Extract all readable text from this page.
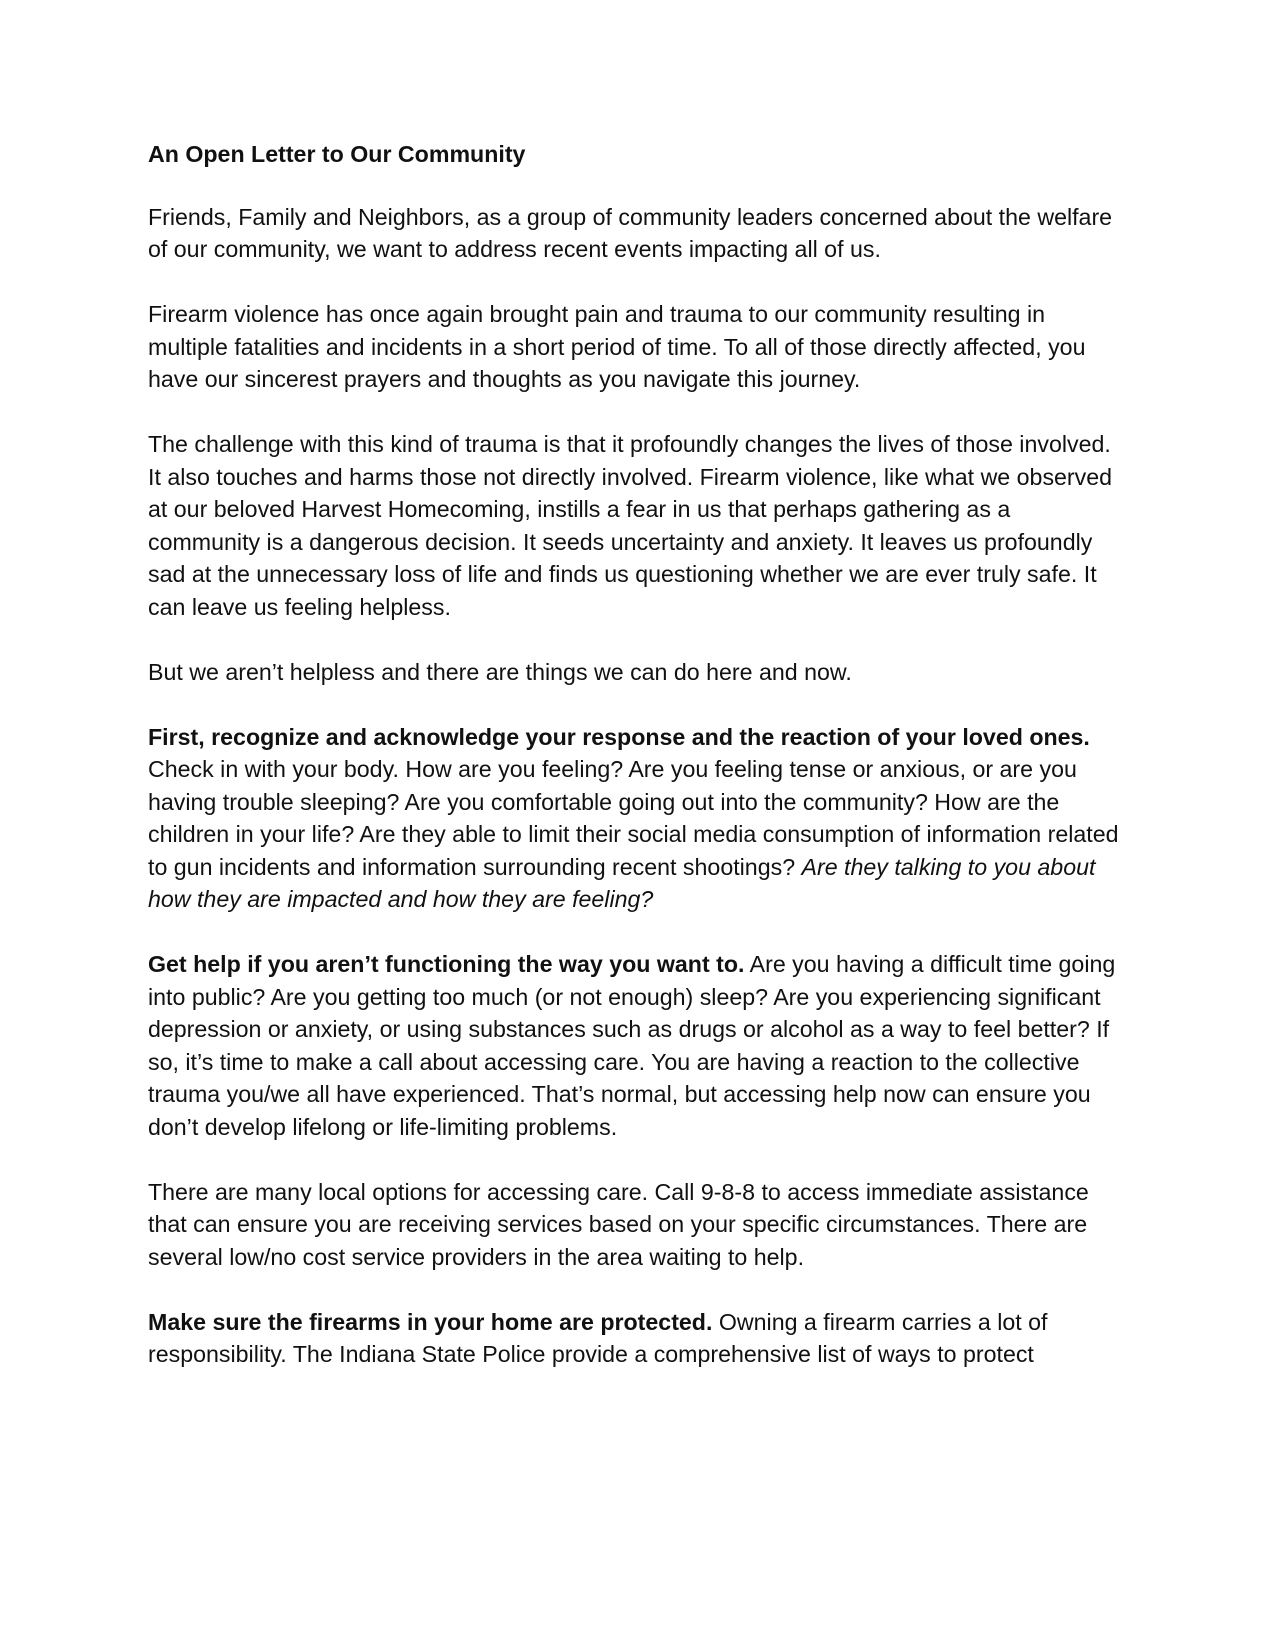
An Open Letter to Our Community

Friends, Family and Neighbors, as a group of community leaders concerned about the welfare of our community, we want to address recent events impacting all of us.

Firearm violence has once again brought pain and trauma to our community resulting in multiple fatalities and incidents in a short period of time. To all of those directly affected, you have our sincerest prayers and thoughts as you navigate this journey.

The challenge with this kind of trauma is that it profoundly changes the lives of those involved. It also touches and harms those not directly involved. Firearm violence, like what we observed at our beloved Harvest Homecoming, instills a fear in us that perhaps gathering as a community is a dangerous decision. It seeds uncertainty and anxiety. It leaves us profoundly sad at the unnecessary loss of life and finds us questioning whether we are ever truly safe. It can leave us feeling helpless.

But we aren’t helpless and there are things we can do here and now.

First, recognize and acknowledge your response and the reaction of your loved ones. Check in with your body. How are you feeling? Are you feeling tense or anxious, or are you having trouble sleeping? Are you comfortable going out into the community? How are the children in your life? Are they able to limit their social media consumption of information related to gun incidents and information surrounding recent shootings? Are they talking to you about how they are impacted and how they are feeling?

Get help if you aren’t functioning the way you want to. Are you having a difficult time going into public? Are you getting too much (or not enough) sleep? Are you experiencing significant depression or anxiety, or using substances such as drugs or alcohol as a way to feel better? If so, it’s time to make a call about accessing care. You are having a reaction to the collective trauma you/we all have experienced. That’s normal, but accessing help now can ensure you don’t develop lifelong or life-limiting problems.

There are many local options for accessing care. Call 9-8-8 to access immediate assistance that can ensure you are receiving services based on your specific circumstances. There are several low/no cost service providers in the area waiting to help.

Make sure the firearms in your home are protected. Owning a firearm carries a lot of responsibility. The Indiana State Police provide a comprehensive list of ways to protect
